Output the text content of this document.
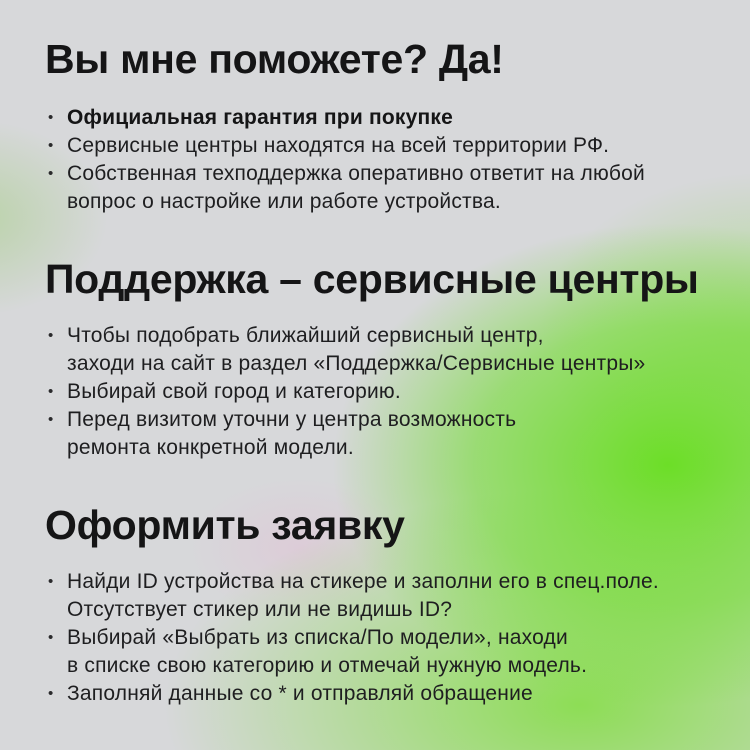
Вы мне поможете? Да!
• Официальная гарантия при покупке
• Сервисные центры находятся на всей территории РФ.
• Собственная техподдержка оперативно ответит на любой
вопрос о настройке или работе устройства.
Поддержка – сервисные центры
• Чтобы подобрать ближайший сервисный центр,
заходи на сайт в раздел «Поддержка/Сервисные центры»
• Выбирай свой город и категорию.
• Перед визитом уточни у центра возможность
ремонта конкретной модели.
Оформить заявку
• Найди ID устройства на стикере и заполни его в спец.поле.
Отсутствует стикер или не видишь ID?
• Выбирай «Выбрать из списка/По модели», находи
в списке свою категорию и отмечай нужную модель.
• Заполняй данные со * и отправляй обращение
